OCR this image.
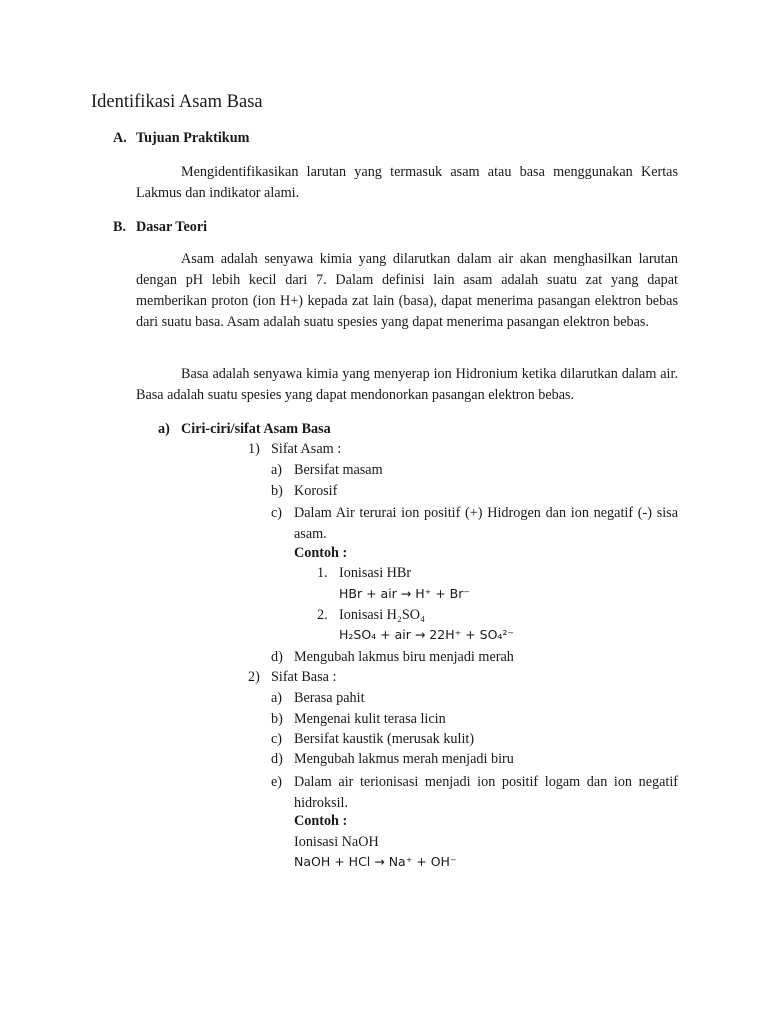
Identifikasi Asam Basa
A. Tujuan Praktikum
Mengidentifikasikan larutan yang termasuk asam atau basa menggunakan Kertas Lakmus dan indikator alami.
B. Dasar Teori
Asam adalah senyawa kimia yang dilarutkan dalam air akan menghasilkan larutan dengan pH lebih kecil dari 7. Dalam definisi lain asam adalah suatu zat yang dapat memberikan proton (ion H+) kepada zat lain (basa), dapat menerima pasangan elektron bebas dari suatu basa. Asam adalah suatu spesies yang dapat menerima pasangan elektron bebas.
Basa adalah senyawa kimia yang menyerap ion Hidronium ketika dilarutkan dalam air. Basa adalah suatu spesies yang dapat mendonorkan pasangan elektron bebas.
a) Ciri-ciri/sifat Asam Basa
1) Sifat Asam :
a) Bersifat masam
b) Korosif
c) Dalam Air terurai ion positif (+) Hidrogen dan ion negatif (-) sisa asam.
Contoh :
1. Ionisasi HBr
HBr + air → H⁺ + Br⁻
2. Ionisasi H₂SO₄
H₂SO₄ + air → 22H⁺ + SO₄²⁻
d) Mengubah lakmus biru menjadi merah
2) Sifat Basa :
a) Berasa pahit
b) Mengenai kulit terasa licin
c) Bersifat kaustik (merusak kulit)
d) Mengubah lakmus merah menjadi biru
e) Dalam air terionisasi menjadi ion positif logam dan ion negatif hidroksil.
Contoh :
Ionisasi NaOH
NaOH + HCl → Na⁺ + OH⁻
